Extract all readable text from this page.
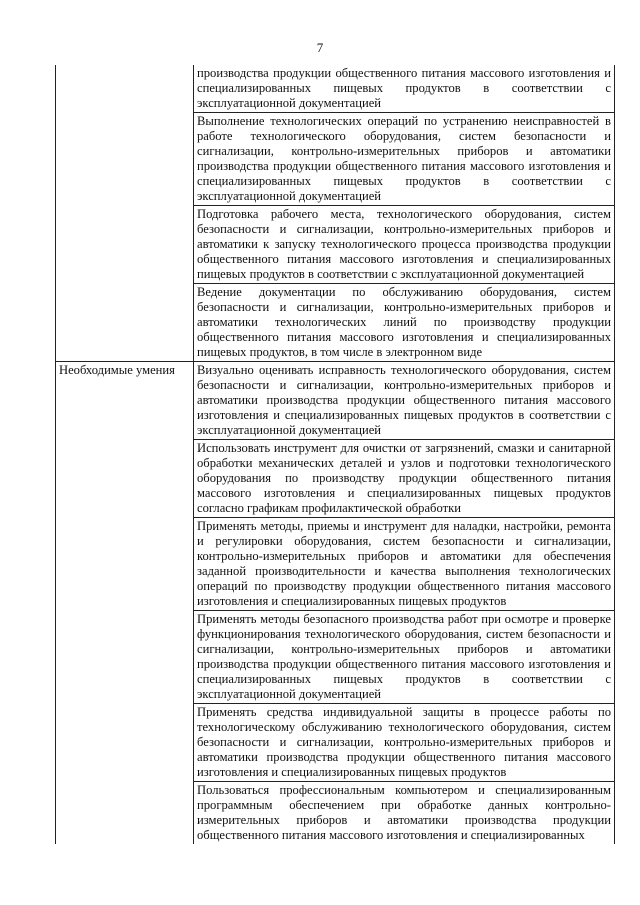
7
	производства продукции общественного питания массового изготовления и специализированных пищевых продуктов в соответствии с эксплуатационной документацией
	Выполнение технологических операций по устранению неисправностей в работе технологического оборудования, систем безопасности и сигнализации, контрольно-измерительных приборов и автоматики производства продукции общественного питания массового изготовления и специализированных пищевых продуктов в соответствии с эксплуатационной документацией
	Подготовка рабочего места, технологического оборудования, систем безопасности и сигнализации, контрольно-измерительных приборов и автоматики к запуску технологического процесса производства продукции общественного питания массового изготовления и специализированных пищевых продуктов в соответствии с эксплуатационной документацией
	Ведение документации по обслуживанию оборудования, систем безопасности и сигнализации, контрольно-измерительных приборов и автоматики технологических линий по производству продукции общественного питания массового изготовления и специализированных пищевых продуктов, в том числе в электронном виде
Необходимые умения	Визуально оценивать исправность технологического оборудования, систем безопасности и сигнализации, контрольно-измерительных приборов и автоматики производства продукции общественного питания массового изготовления и специализированных пищевых продуктов в соответствии с эксплуатационной документацией
	Использовать инструмент для очистки от загрязнений, смазки и санитарной обработки механических деталей и узлов и подготовки технологического оборудования по производству продукции общественного питания массового изготовления и специализированных пищевых продуктов согласно графикам профилактической обработки
	Применять методы, приемы и инструмент для наладки, настройки, ремонта и регулировки оборудования, систем безопасности и сигнализации, контрольно-измерительных приборов и автоматики для обеспечения заданной производительности и качества выполнения технологических операций по производству продукции общественного питания массового изготовления и специализированных пищевых продуктов
	Применять методы безопасного производства работ при осмотре и проверке функционирования технологического оборудования, систем безопасности и сигнализации, контрольно-измерительных приборов и автоматики производства продукции общественного питания массового изготовления и специализированных пищевых продуктов в соответствии с эксплуатационной документацией
	Применять средства индивидуальной защиты в процессе работы по технологическому обслуживанию технологического оборудования, систем безопасности и сигнализации, контрольно-измерительных приборов и автоматики производства продукции общественного питания массового изготовления и специализированных пищевых продуктов
	Пользоваться профессиональным компьютером и специализированным программным обеспечением при обработке данных контрольно-измерительных приборов и автоматики производства продукции общественного питания массового изготовления и специализированных
